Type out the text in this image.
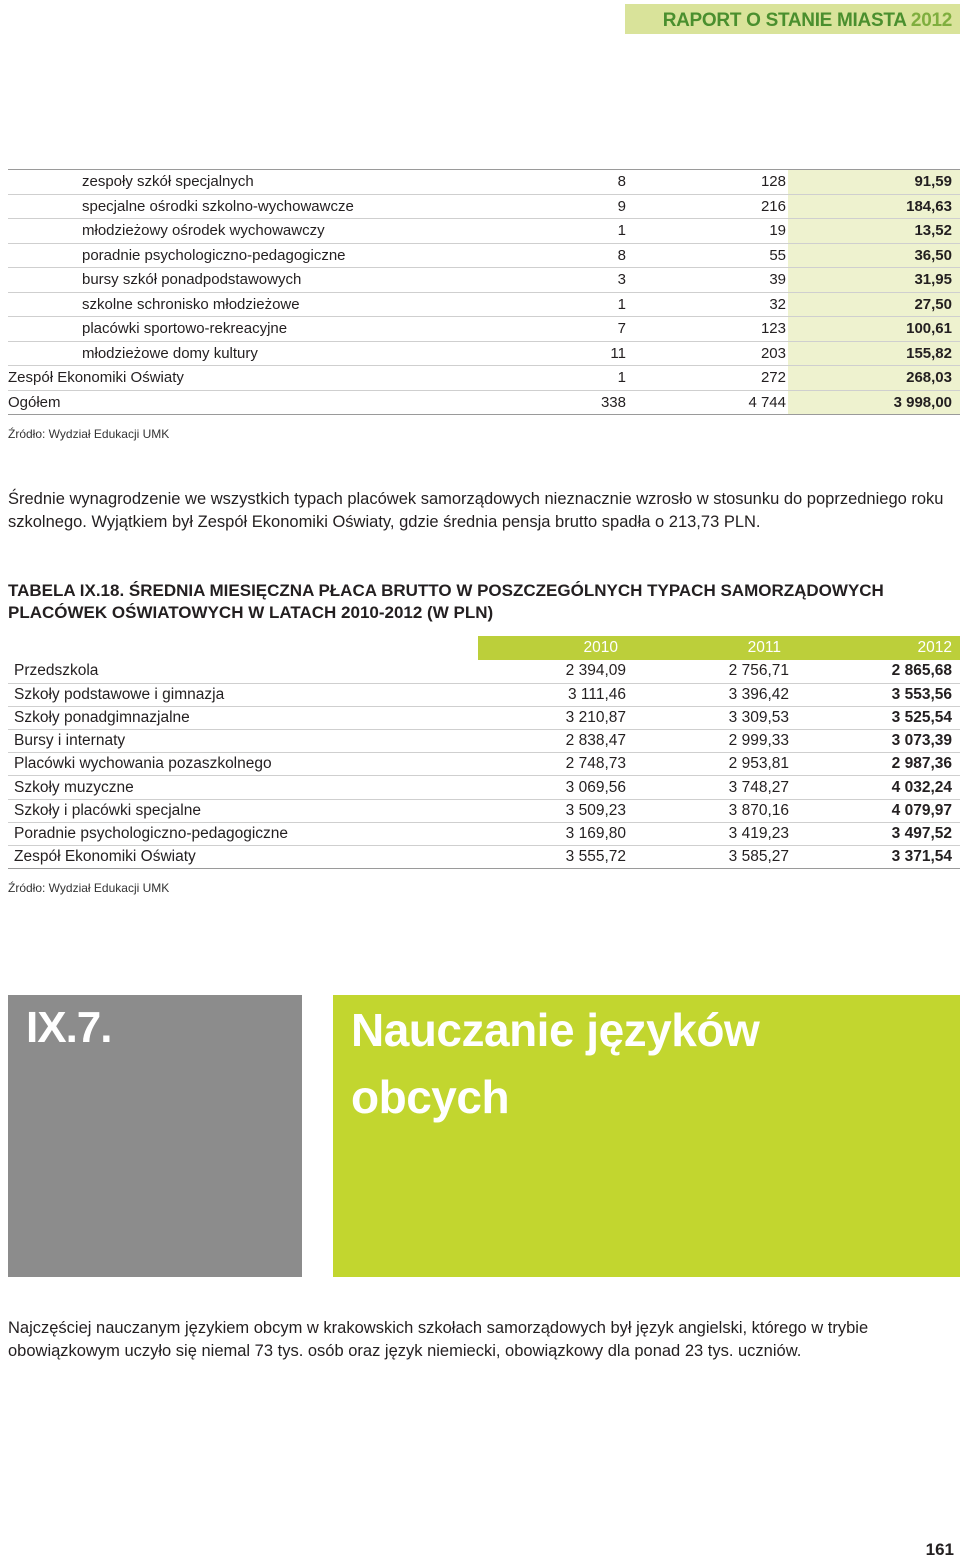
RAPORT O STANIE MIASTA 2012
zespoły szkół specjalnych	8	128	91,59
specjalne ośrodki szkolno-wychowawcze	9	216	184,63
młodzieżowy ośrodek wychowawczy	1	19	13,52
poradnie psychologiczno-pedagogiczne	8	55	36,50
bursy szkół ponadpodstawowych	3	39	31,95
szkolne schronisko młodzieżowe	1	32	27,50
placówki sportowo-rekreacyjne	7	123	100,61
młodzieżowe domy kultury	11	203	155,82
Zespół Ekonomiki Oświaty	1	272	268,03
Ogółem	338	4 744	3 998,00
Źródło: Wydział Edukacji UMK

Średnie wynagrodzenie we wszystkich typach placówek samorządowych nieznacznie wzrosło w stosunku do poprzedniego roku szkolnego. Wyjątkiem był Zespół Ekonomiki Oświaty, gdzie średnia pensja brutto spadła o 213,73 PLN.

TABELA IX.18. ŚREDNIA MIESIĘCZNA PŁACA BRUTTO W POSZCZEGÓLNYCH TYPACH SAMORZĄDOWYCH
PLACÓWEK OŚWIATOWYCH W LATACH 2010-2012 (W PLN)
	2010	2011	2012
Przedszkola	2 394,09	2 756,71	2 865,68
Szkoły podstawowe i gimnazja	3 111,46	3 396,42	3 553,56
Szkoły ponadgimnazjalne	3 210,87	3 309,53	3 525,54
Bursy i internaty	2 838,47	2 999,33	3 073,39
Placówki wychowania pozaszkolnego	2 748,73	2 953,81	2 987,36
Szkoły muzyczne	3 069,56	3 748,27	4 032,24
Szkoły i placówki specjalne	3 509,23	3 870,16	4 079,97
Poradnie psychologiczno-pedagogiczne	3 169,80	3 419,23	3 497,52
Zespół Ekonomiki Oświaty	3 555,72	3 585,27	3 371,54
Źródło: Wydział Edukacji UMK
IX.7.	Nauczanie języków
obcych

Najczęściej nauczanym językiem obcym w krakowskich szkołach samorządowych był język angielski, którego w trybie obowiązkowym uczyło się niemal 73 tys. osób oraz język niemiecki, obowiązkowy dla ponad 23 tys. uczniów.

161
